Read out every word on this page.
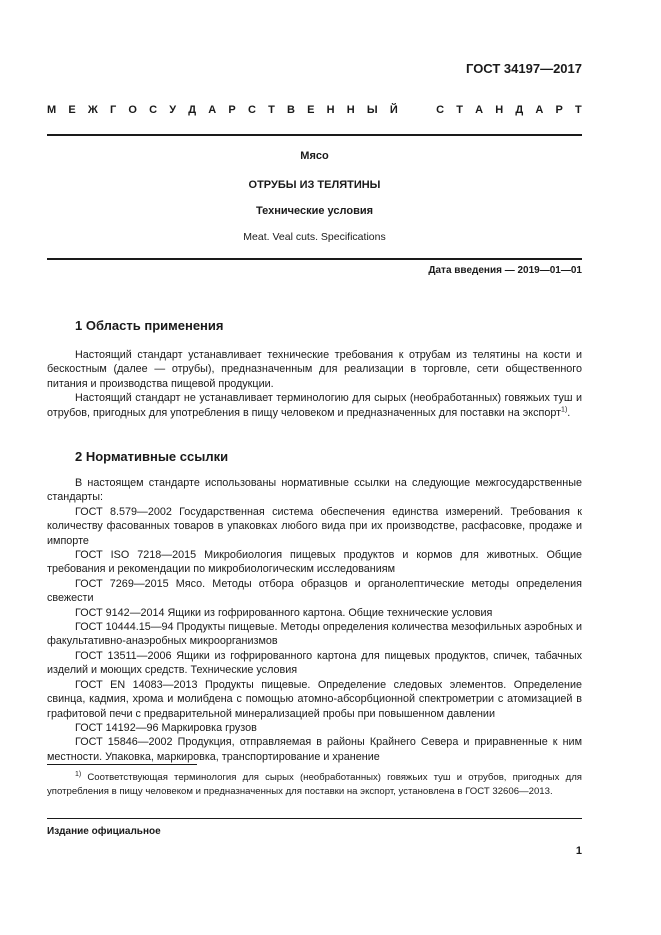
ГОСТ 34197—2017
М Е Ж Г О С У Д А Р С Т В Е Н Н Ы Й	С Т А Н Д А Р Т
Мясо
ОТРУБЫ ИЗ ТЕЛЯТИНЫ
Технические условия
Meat. Veal cuts. Specifications
Дата введения — 2019—01—01
1 Область применения

Настоящий стандарт устанавливает технические требования к отрубам из телятины на кости и бескостным (далее — отрубы), предназначенным для реализации в торговле, сети общественного питания и производства пищевой продукции.

Настоящий стандарт не устанавливает терминологию для сырых (необработанных) говяжьих туш и отрубов, пригодных для употребления в пищу человеком и предназначенных для поставки на экспорт$^{1)}$.

2 Нормативные ссылки

В настоящем стандарте использованы нормативные ссылки на следующие межгосударственные стандарты:

ГОСТ 8.579—2002 Государственная система обеспечения единства измерений. Требования к количеству фасованных товаров в упаковках любого вида при их производстве, расфасовке, продаже и импорте

ГОСТ ISO 7218—2015 Микробиология пищевых продуктов и кормов для животных. Общие требования и рекомендации по микробиологическим исследованиям

ГОСТ 7269—2015 Мясо. Методы отбора образцов и органолептические методы определения свежести

ГОСТ 9142—2014 Ящики из гофрированного картона. Общие технические условия

ГОСТ 10444.15—94 Продукты пищевые. Методы определения количества мезофильных аэробных и факультативно-анаэробных микроорганизмов

ГОСТ 13511—2006 Ящики из гофрированного картона для пищевых продуктов, спичек, табачных изделий и моющих средств. Технические условия

ГОСТ EN 14083—2013 Продукты пищевые. Определение следовых элементов. Определение свинца, кадмия, хрома и молибдена с помощью атомно-абсорбционной спектрометрии с атомизацией в графитовой печи с предварительной минерализацией пробы при повышенном давлении

ГОСТ 14192—96 Маркировка грузов

ГОСТ 15846—2002 Продукция, отправляемая в районы Крайнего Севера и приравненные к ним местности. Упаковка, маркировка, транспортирование и хранение

$^{1)}$ Соответствующая терминология для сырых (необработанных) говяжьих туш и отрубов, пригодных для употребления в пищу человеком и предназначенных для поставки на экспорт, установлена в ГОСТ 32606—2013.
Издание официальное
1
